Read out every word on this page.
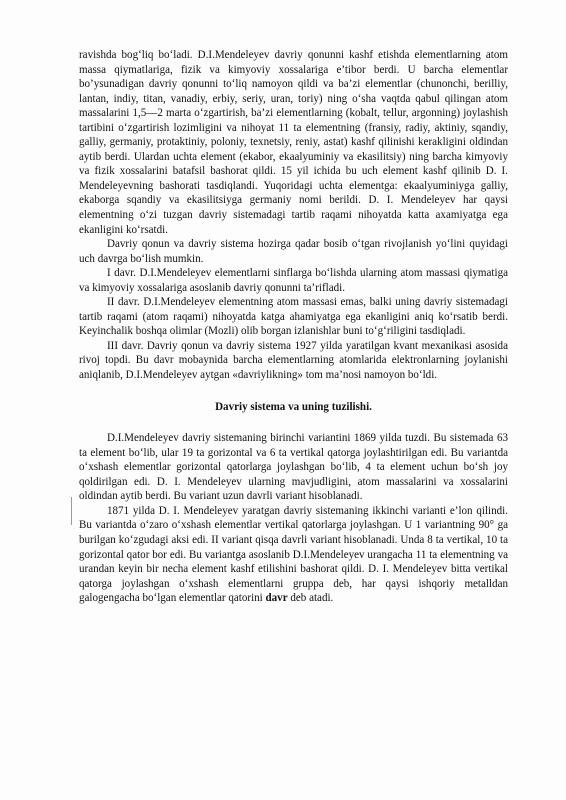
ravishda bog‘liq bo‘ladi. D.I.Mendeleyev davriy qonunni kashf etishda elementlarning atom massa qiymatlariga, fizik va kimyoviy xossalariga e’tibor berdi. U barcha elementlar bo’ysunadigan davriy qonunni to‘liq namoyon qildi va ba’zi elementlar (chunonchi, berilliy, lantan, indiy, titan, vanadiy, erbiy, seriy, uran, toriy) ning o‘sha vaqtda qabul qilingan atom massalarini 1,5—2 marta o‘zgartirish, ba’zi elementlarning (kobalt, tellur, argonning) joylashish tartibini o‘zgartirish lozimligini va nihoyat 11 ta elementning (fransiy, radiy, aktiniy, sqandiy, galliy, germaniy, protaktiniy, poloniy, texnetsiy, reniy, astat) kashf qilinishi kerakligini oldindan aytib berdi. Ulardan uchta element (ekabor, ekaalyuminiy va ekasilitsiy) ning barcha kimyoviy va fizik xossalarini batafsil bashorat qildi. 15 yil ichida bu uch element kashf qilinib D. I. Mendeleyevning bashorati tasdiqlandi. Yuqoridagi uchta elementga: ekaalyuminiyga galliy, ekaborga sqandiy va ekasilitsiyga germaniy nomi berildi. D. I. Mendeleyev har qaysi elementning o‘zi tuzgan davriy sistemadagi tartib raqami nihoyatda katta axamiyatga ega ekanligini ko‘rsatdi.

Davriy qonun va davriy sistema hozirga qadar bosib o‘tgan rivojlanish yo‘lini quyidagi uch davrga bo‘lish mumkin.

I davr. D.I.Mendeleyev elementlarni sinflarga bo‘lishda ularning atom massasi qiymatiga va kimyoviy xossalariga asoslanib davriy qonunni ta’rifladi.

II davr. D.I.Mendeleyev elementning atom massasi emas, balki uning davriy sistemadagi tartib raqami (atom raqami) nihoyatda katga ahamiyatga ega ekanligini aniq ko‘rsatib berdi. Keyinchalik boshqa olimlar (Mozli) olib borgan izlanishlar buni to‘g‘riligini tasdiqladi.

III davr. Davriy qonun va davriy sistema 1927 yilda yaratilgan kvant mexanikasi asosida rivoj topdi. Bu davr mobaynida barcha elementlarning atomlarida elektronlarning joylanishi aniqlanib, D.I.Mendeleyev aytgan «davriylikning» tom ma’nosi namoyon bo‘ldi.

Davriy sistema va uning tuzilishi.

D.I.Mendeleyev davriy sistemaning birinchi variantini 1869 yilda tuzdi. Bu sistemada 63 ta element bo‘lib, ular 19 ta gorizontal va 6 ta vertikal qatorga joylashtirilgan edi. Bu variantda o‘xshash elementlar gorizontal qatorlarga joylashgan bo‘lib, 4 ta element uchun bo‘sh joy qoldirilgan edi. D. I. Mendeleyev ularning mavjudligini, atom massalarini va xossalarini oldindan aytib berdi. Bu variant uzun davrli variant hisoblanadi.

1871 yilda D. I. Mendeleyev yaratgan davriy sistemaning ikkinchi varianti e’lon qilindi. Bu variantda o‘zaro o‘xshash elementlar vertikal qatorlarga joylashgan. U 1 variantning 90° ga burilgan ko‘zgudagi aksi edi. II variant qisqa davrli variant hisoblanadi. Unda 8 ta vertikal, 10 ta gorizontal qator bor edi. Bu variantga asoslanib D.I.Mendeleyev urangacha 11 ta elementning va urandan keyin bir necha element kashf etilishini bashorat qildi. D. I. Mendeleyev bitta vertikal qatorga joylashgan o‘xshash elementlarni gruppa deb, har qaysi ishqoriy metalldan galogengacha bo‘lgan elementlar qatorini davr deb atadi.
